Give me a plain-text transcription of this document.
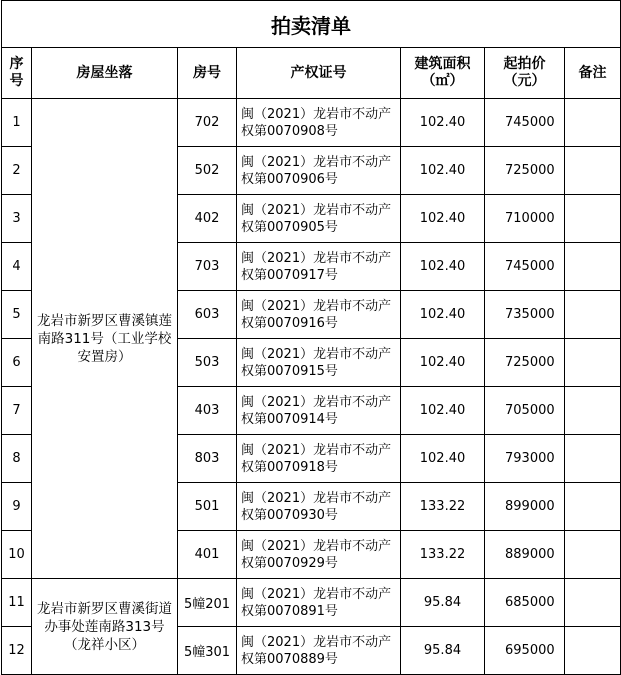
拍卖清单						
序号	房屋坐落	房号	产权证号	建筑面积（㎡）	起拍价（元）	备注
1	龙岩市新罗区曹溪镇莲南路311号（工业学校安置房）	702	闽（2021）龙岩市不动产权第0070908号	102.40	745000	
2		502	闽（2021）龙岩市不动产权第0070906号	102.40	725000	
3		402	闽（2021）龙岩市不动产权第0070905号	102.40	710000	
4		703	闽（2021）龙岩市不动产权第0070917号	102.40	745000	
5		603	闽（2021）龙岩市不动产权第0070916号	102.40	735000	
6		503	闽（2021）龙岩市不动产权第0070915号	102.40	725000	
7		403	闽（2021）龙岩市不动产权第0070914号	102.40	705000	
8		803	闽（2021）龙岩市不动产权第0070918号	102.40	793000	
9		501	闽（2021）龙岩市不动产权第0070930号	133.22	899000	
10		401	闽（2021）龙岩市不动产权第0070929号	133.22	889000	
11	龙岩市新罗区曹溪街道办事处莲南路313号（龙祥小区）	5幢201	闽（2021）龙岩市不动产权第0070891号	95.84	685000	
12		5幢301	闽（2021）龙岩市不动产权第0070889号	95.84	695000	
